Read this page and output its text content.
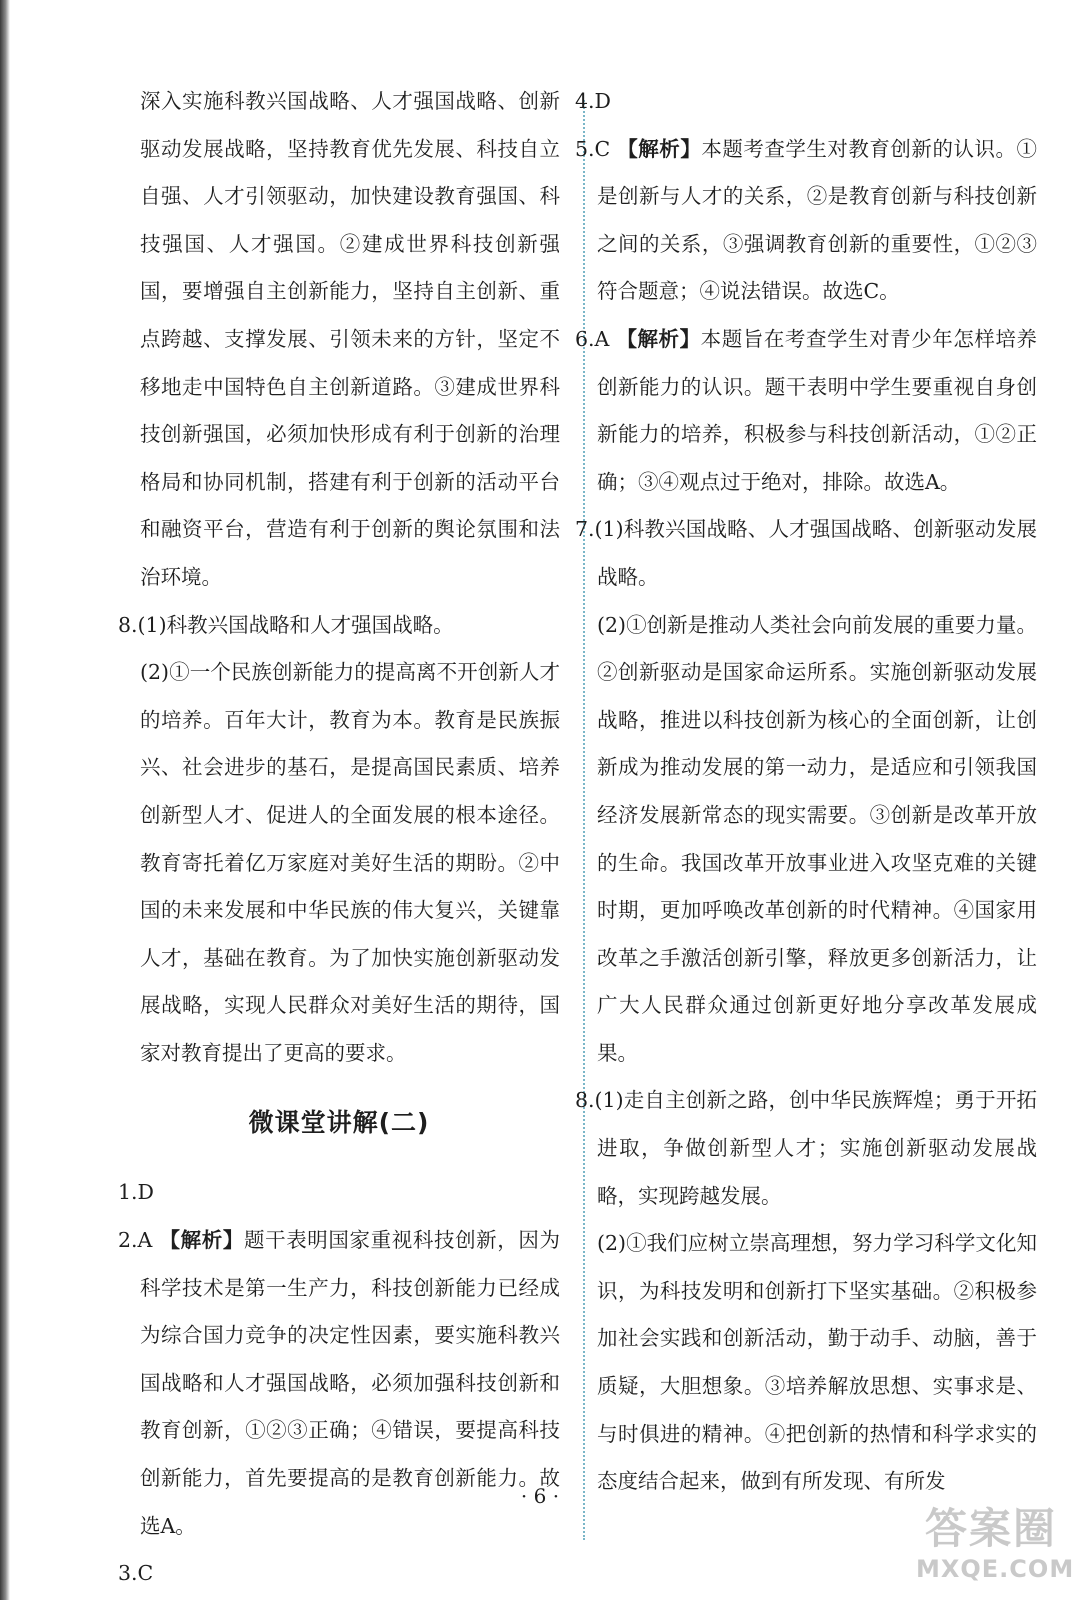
深入实施科教兴国战略、人才强国战略、创新驱动发展战略，坚持教育优先发展、科技自立自强、人才引领驱动，加快建设教育强国、科技强国、人才强国。②建成世界科技创新强国，要增强自主创新能力，坚持自主创新、重点跨越、支撑发展、引领未来的方针，坚定不移地走中国特色自主创新道路。③建成世界科技创新强国，必须加快形成有利于创新的治理格局和协同机制，搭建有利于创新的活动平台和融资平台，营造有利于创新的舆论氛围和法治环境。

8.(1)科教兴国战略和人才强国战略。

(2)①一个民族创新能力的提高离不开创新人才的培养。百年大计，教育为本。教育是民族振兴、社会进步的基石，是提高国民素质、培养创新型人才、促进人的全面发展的根本途径。教育寄托着亿万家庭对美好生活的期盼。②中国的未来发展和中华民族的伟大复兴，关键靠人才，基础在教育。为了加快实施创新驱动发展战略，实现人民群众对美好生活的期待，国家对教育提出了更高的要求。

微课堂讲解(二)

1.D

2.A 【解析】题干表明国家重视科技创新，因为科学技术是第一生产力，科技创新能力已经成为综合国力竞争的决定性因素，要实施科教兴国战略和人才强国战略，必须加强科技创新和教育创新，①②③正确；④错误，要提高科技创新能力，首先要提高的是教育创新能力。故选A。

3.C

4.D

5.C 【解析】本题考查学生对教育创新的认识。①是创新与人才的关系，②是教育创新与科技创新之间的关系，③强调教育创新的重要性，①②③符合题意；④说法错误。故选C。

6.A 【解析】本题旨在考查学生对青少年怎样培养创新能力的认识。题干表明中学生要重视自身创新能力的培养，积极参与科技创新活动，①②正确；③④观点过于绝对，排除。故选A。

7.(1)科教兴国战略、人才强国战略、创新驱动发展战略。

(2)①创新是推动人类社会向前发展的重要力量。②创新驱动是国家命运所系。实施创新驱动发展战略，推进以科技创新为核心的全面创新，让创新成为推动发展的第一动力，是适应和引领我国经济发展新常态的现实需要。③创新是改革开放的生命。我国改革开放事业进入攻坚克难的关键时期，更加呼唤改革创新的时代精神。④国家用改革之手激活创新引擎，释放更多创新活力，让广大人民群众通过创新更好地分享改革发展成果。

8.(1)走自主创新之路，创中华民族辉煌；勇于开拓进取，争做创新型人才；实施创新驱动发展战略，实现跨越发展。

(2)①我们应树立崇高理想，努力学习科学文化知识，为科技发明和创新打下坚实基础。②积极参加社会实践和创新活动，勤于动手、动脑，善于质疑，大胆想象。③培养解放思想、实事求是、与时俱进的精神。④把创新的热情和科学求实的态度结合起来，做到有所发现、有所发

· 6 ·
答案圈
MXQE.COM
